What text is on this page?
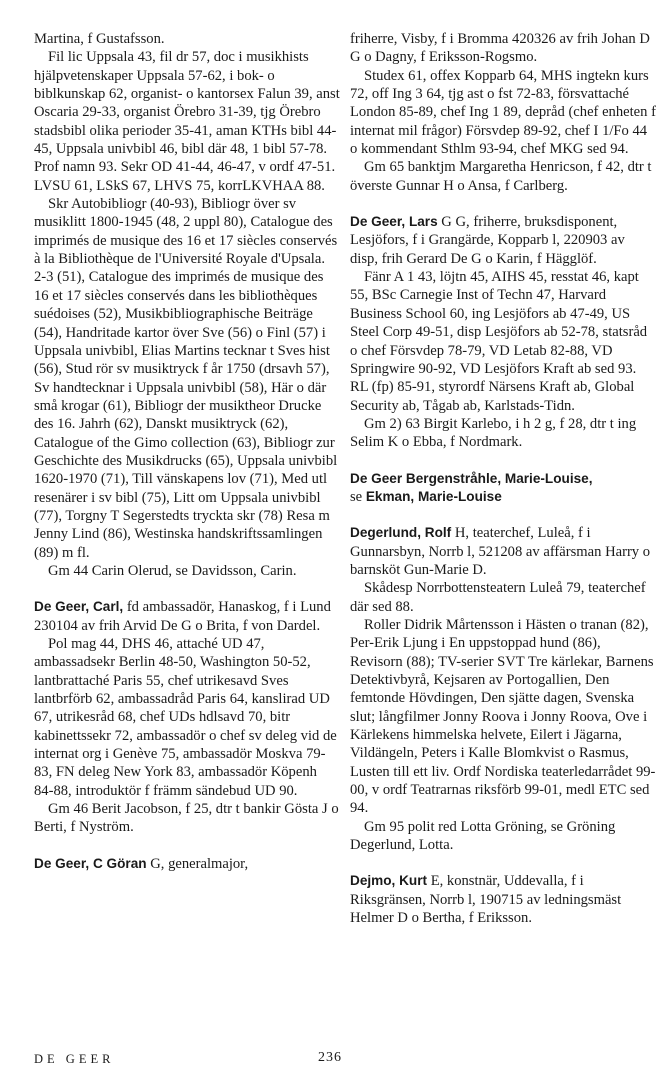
Martina, f Gustafsson.

Fil lic Uppsala 43, fil dr 57, doc i musikhists hjälpvetenskaper Uppsala 57-62, i bok- o biblkunskap 62, organist- o kantorsex Falun 39, anst Oscaria 29-33, organist Örebro 31-39, tjg Örebro stadsbibl olika perioder 35-41, aman KTHs bibl 44-45, Uppsala univbibl 46, bibl där 48, 1 bibl 57-78. Prof namn 93. Sekr OD 41-44, 46-47, v ordf 47-51. LVSU 61, LSkS 67, LHVS 75, korrLKVHAA 88.

Skr Autobibliogr (40-93), Bibliogr över sv musiklitt 1800-1945 (48, 2 uppl 80), Catalogue des imprimés de musique des 16 et 17 siècles conservés à la Bibliothèque de l'Université Royale d'Upsala. 2-3 (51), Catalogue des imprimés de musique des 16 et 17 siècles conservés dans les bibliothèques suédoises (52), Musikbibliographische Beiträge (54), Handritade kartor över Sve (56) o Finl (57) i Uppsala univbibl, Elias Martins tecknar t Sves hist (56), Stud rör sv musiktryck f år 1750 (drsavh 57), Sv handtecknar i Uppsala univbibl (58), Här o där små krogar (61), Bibliogr der musiktheor Drucke des 16. Jahrh (62), Danskt musiktryck (62), Catalogue of the Gimo collection (63), Bibliogr zur Geschichte des Musikdrucks (65), Uppsala univbibl 1620-1970 (71), Till vänskapens lov (71), Med utl resenärer i sv bibl (75), Litt om Uppsala univbibl (77), Torgny T Segerstedts tryckta skr (78) Resa m Jenny Lind (86), Westinska handskriftssamlingen (89) m fl.

Gm 44 Carin Olerud, se Davidsson, Carin.

De Geer, Carl, fd ambassadör, Hanaskog, f i Lund 230104 av frih Arvid De G o Brita, f von Dardel.

Pol mag 44, DHS 46, attaché UD 47, ambassadsekr Berlin 48-50, Washington 50-52, lantbrattaché Paris 55, chef utrikesavd Sves lantbrförb 62, ambassadråd Paris 64, kanslirad UD 67, utrikesråd 68, chef UDs hdlsavd 70, bitr kabinettssekr 72, ambassadör o chef sv deleg vid de internat org i Genève 75, ambassadör Moskva 79-83, FN deleg New York 83, ambassadör Köpenh 84-88, introduktör f främm sändebud UD 90.

Gm 46 Berit Jacobson, f 25, dtr t bankir Gösta J o Berti, f Nyström.

De Geer, C Göran G, generalmajor,

friherre, Visby, f i Bromma 420326 av frih Johan D G o Dagny, f Eriksson-Rogsmo.

Studex 61, offex Kopparb 64, MHS ingtekn kurs 72, off Ing 3 64, tjg ast o fst 72-83, försvattaché London 85-89, chef Ing 1 89, depråd (chef enheten f internat mil frågor) Försvdep 89-92, chef I 1/Fo 44 o kommendant Sthlm 93-94, chef MKG sed 94.

Gm 65 banktjm Margaretha Henricson, f 42, dtr t överste Gunnar H o Ansa, f Carlberg.

De Geer, Lars G G, friherre, bruksdisponent, Lesjöfors, f i Grangärde, Kopparb l, 220903 av disp, frih Gerard De G o Karin, f Hägglöf.

Fänr A 1 43, löjtn 45, AIHS 45, resstat 46, kapt 55, BSc Carnegie Inst of Techn 47, Harvard Business School 60, ing Lesjöfors ab 47-49, US Steel Corp 49-51, disp Lesjöfors ab 52-78, statsråd o chef Försvdep 78-79, VD Letab 82-88, VD Springwire 90-92, VD Lesjöfors Kraft ab sed 93. RL (fp) 85-91, styrordf Närsens Kraft ab, Global Security ab, Tågab ab, Karlstads-Tidn.

Gm 2) 63 Birgit Karlebo, i h 2 g, f 28, dtr t ing Selim K o Ebba, f Nordmark.

De Geer Bergenstråhle, Marie-Louise,
se Ekman, Marie-Louise

Degerlund, Rolf H, teaterchef, Luleå, f i Gunnarsbyn, Norrb l, 521208 av affärsman Harry o barnsköt Gun-Marie D.

Skådesp Norrbottensteatern Luleå 79, teaterchef där sed 88.

Roller Didrik Mårtensson i Hästen o tranan (82), Per-Erik Ljung i En uppstoppad hund (86), Revisorn (88); TV-serier SVT Tre kärlekar, Barnens Detektivbyrå, Kejsaren av Portogallien, Den femtonde Hövdingen, Den sjätte dagen, Svenska slut; långfilmer Jonny Roova i Jonny Roova, Ove i Kärlekens himmelska helvete, Eilert i Jägarna, Vildängeln, Peters i Kalle Blomkvist o Rasmus, Lusten till ett liv. Ordf Nordiska teaterledarrådet 99-00, v ordf Teatrarnas riksförb 99-01, medl ETC sed 94.

Gm 95 polit red Lotta Gröning, se Gröning Degerlund, Lotta.

Dejmo, Kurt E, konstnär, Uddevalla, f i Riksgränsen, Norrb l, 190715 av ledningsmäst Helmer D o Bertha, f Eriksson.

DE GEER	236
